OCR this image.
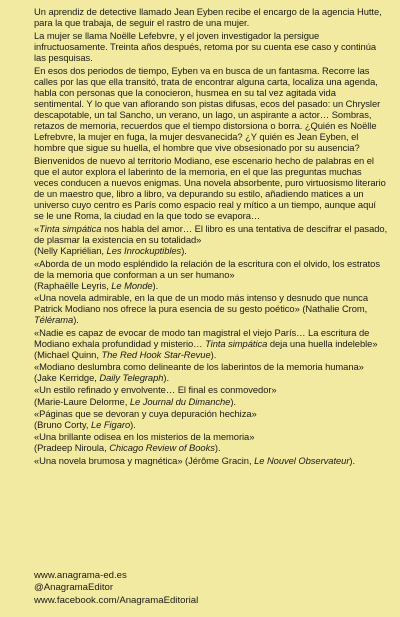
Un aprendiz de detective llamado Jean Eyben recibe el encargo de la agencia Hutte, para la que trabaja, de seguir el rastro de una mujer.

La mujer se llama Noëlle Lefebvre, y el joven investigador la persigue infructuosamente. Treinta años después, retoma por su cuenta ese caso y continúa las pesquisas.

En esos dos periodos de tiempo, Eyben va en busca de un fantasma. Recorre las calles por las que ella transitó, trata de encontrar alguna carta, localiza una agenda, habla con personas que la conocieron, husmea en su tal vez agitada vida sentimental. Y lo que van aflorando son pistas difusas, ecos del pasado: un Chrysler descapotable, un tal Sancho, un verano, un lago, un aspirante a actor… Sombras, retazos de memoria, recuerdos que el tiempo distorsiona o borra. ¿Quién es Noëlle Lefrebvre, la mujer en fuga, la mujer desvanecida? ¿Y quién es Jean Eyben, el hombre que sigue su huella, el hombre que vive obsesionado por su ausencia?

Bienvenidos de nuevo al territorio Modiano, ese escenario hecho de palabras en el que el autor explora el laberinto de la memoria, en el que las preguntas muchas veces conducen a nuevos enigmas. Una novela absorbente, puro virtuosismo literario de un maestro que, libro a libro, va depurando su estilo, añadiendo matices a un universo cuyo centro es París como espacio real y mítico a un tiempo, aunque aquí se le une Roma, la ciudad en la que todo se evapora…

«Tinta simpática nos habla del amor… El libro es una tentativa de descifrar el pasado, de plasmar la existencia en su totalidad»
(Nelly Kapriélian, Les Inrockuptibles).

«Aborda de un modo espléndido la relación de la escritura con el olvido, los estratos de la memoria que conforman a un ser humano»
(Raphaëlle Leyris, Le Monde).

«Una novela admirable, en la que de un modo más intenso y desnudo que nunca Patrick Modiano nos ofrece la pura esencia de su gesto poético» (Nathalie Crom, Télérama).

«Nadie es capaz de evocar de modo tan magistral el viejo París… La escritura de Modiano exhala profundidad y misterio… Tinta simpática deja una huella indeleble» (Michael Quinn, The Red Hook Star-Revue).

«Modiano deslumbra como delineante de los laberintos de la memoria humana» (Jake Kerridge, Daily Telegraph).

«Un estilo refinado y envolvente… El final es conmovedor»
(Marie-Laure Delorme, Le Journal du Dimanche).

«Páginas que se devoran y cuya depuración hechiza»
(Bruno Corty, Le Figaro).

«Una brillante odisea en los misterios de la memoria»
(Pradeep Niroula, Chicago Review of Books).

«Una novela brumosa y magnética» (Jérôme Gracin, Le Nouvel Observateur).

www.anagrama-ed.es
@AnagramaEditor
www.facebook.com/AnagramaEditorial
